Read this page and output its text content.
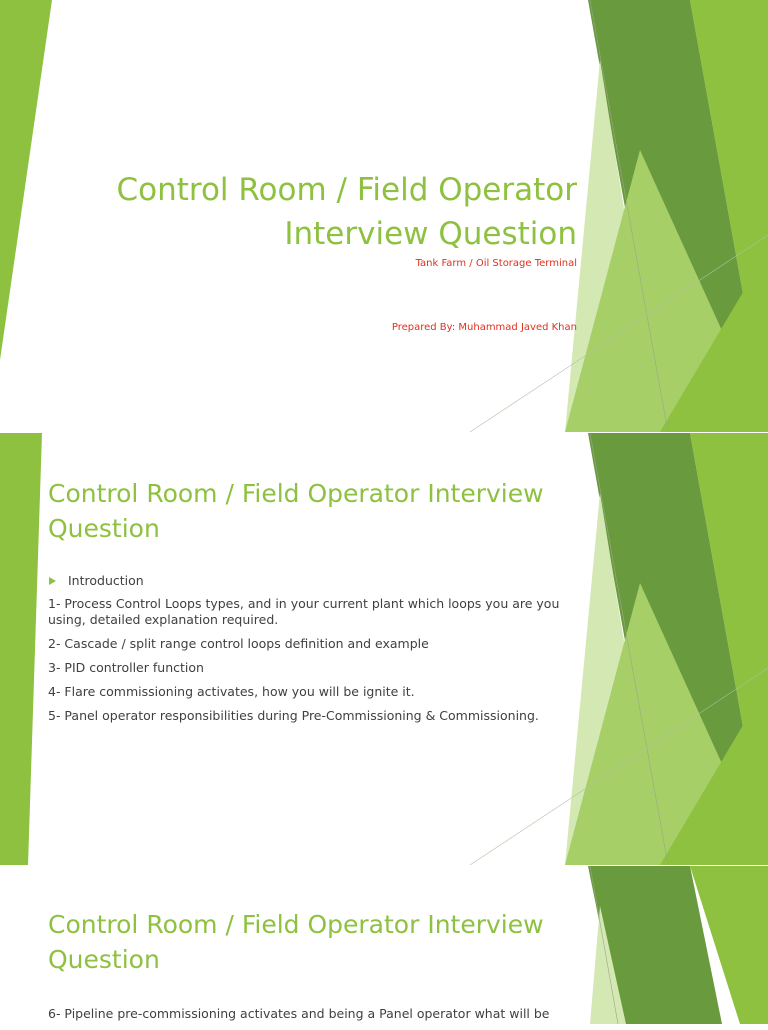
Control Room / Field Operator Interview Question
Tank Farm / Oil Storage Terminal
Prepared By: Muhammad Javed Khan
Control Room / Field Operator Interview Question
Introduction

1- Process Control Loops types, and in your current plant which loops you are you using, detailed explanation required.

2- Cascade / split range control loops definition and example

3- PID controller function

4- Flare commissioning activates, how you will be ignite it.

5- Panel operator responsibilities during Pre-Commissioning & Commissioning.

Control Room / Field Operator Interview Question

6- Pipeline pre-commissioning activates and being a Panel operator what will be
